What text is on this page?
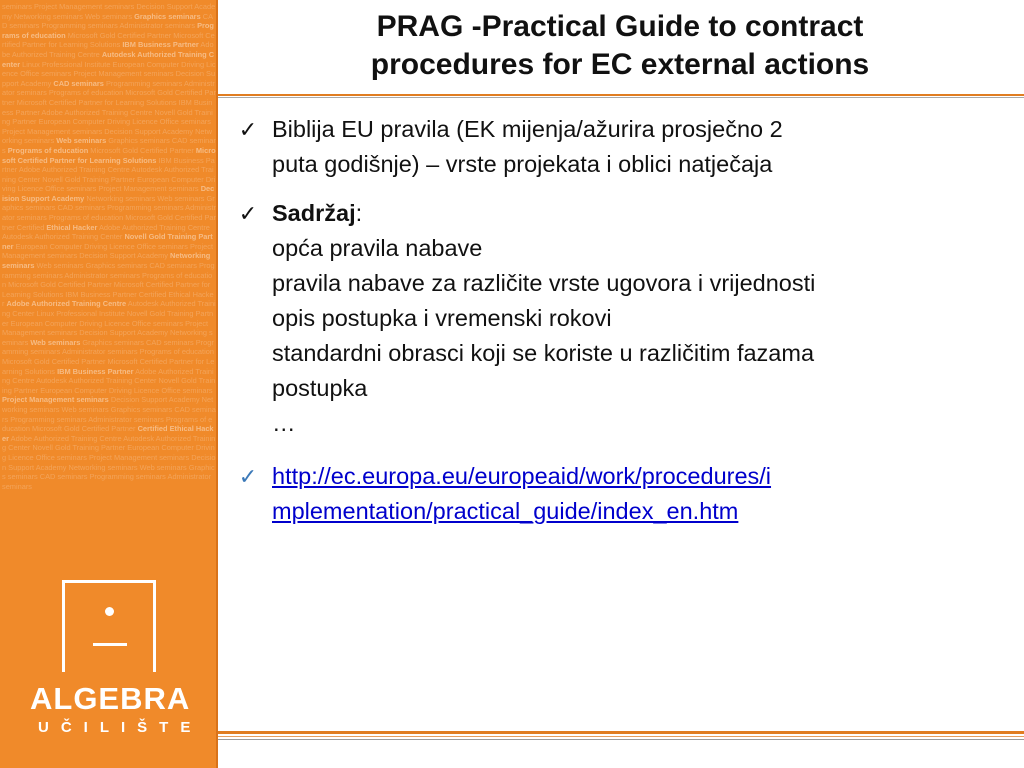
seminars Project Management seminars Decision Support Academy Networking seminars Web seminars Graphics seminars CAD seminars Programming seminars Administrator seminars Programs of education Microsoft Gold Certified Partner Microsoft Certified Partner for Learning Solutions IBM Business Partner Adobe Authorized Training Centre Autodesk Authorized Training Center Linux Professional Institute European Computer Driving Licence Office seminars Project Management seminars Decision Support Academy CAD seminars Programming seminars Administrator seminars Programs of education Microsoft Gold Certified Partner Microsoft Certified Partner for Learning Solutions IBM Business Partner Adobe Authorized Training Centre Novell Gold Training Partner European Computer Driving Licence Office seminars Project Management seminars Decision Support Academy Networking seminars Web seminars Graphics seminars CAD seminars Programs of education Microsoft Gold Certified Partner Microsoft Certified Partner for Learning Solutions IBM Business Partner Adobe Authorized Training Centre Autodesk Authorized Training Center Novell Gold Training Partner European Computer Driving Licence Office seminars Project Management seminars Decision Support Academy Networking seminars Web seminars Graphics seminars CAD seminars Programming seminars Administrator seminars Programs of education Microsoft Gold Certified Partner Certified Ethical Hacker Adobe Authorized Training Centre Autodesk Authorized Training Center Novell Gold Training Partner European Computer Driving Licence Office seminars Project Management seminars Decision Support Academy Networking seminars Web seminars Graphics seminars CAD seminars Programming seminars Administrator seminars Programs of education Microsoft Gold Certified Partner Microsoft Certified Partner for Learning Solutions IBM Business Partner Certified Ethical Hacker Adobe Authorized Training Centre Autodesk Authorized Training Center Linux Professional Institute Novell Gold Training Partner European Computer Driving Licence Office seminars Project Management seminars Decision Support Academy Networking seminars Web seminars Graphics seminars CAD seminars Programming seminars Administrator seminars Programs of education Microsoft Gold Certified Partner Microsoft Certified Partner for Learning Solutions IBM Business Partner Adobe Authorized Training Centre Autodesk Authorized Training Center Novell Gold Training Partner European Computer Driving Licence Office seminars Project Management seminars Decision Support Academy Networking seminars Web seminars Graphics seminars CAD seminars Programming seminars Administrator seminars Programs of education Microsoft Gold Certified Partner Certified Ethical Hacker Adobe Authorized Training Centre Autodesk Authorized Training Center Novell Gold Training Partner European Computer Driving Licence Office seminars Project Management seminars Decision Support Academy Networking seminars Web seminars Graphics seminars CAD seminars Programming seminars Administrator seminars
ALGEBRA
UČILIŠTE
PRAG -Practical Guide to contract
procedures for EC external actions
✓ Biblija EU pravila (EK mijenja/ažurira prosječno 2
puta godišnje) – vrste projekata i oblici natječaja
✓ Sadržaj:
opća pravila nabave
pravila nabave za različite vrste ugovora i vrijednosti
opis postupka i vremenski rokovi
standardni obrasci koji se koriste u različitim fazama
postupka
…
✓ http://ec.europa.eu/europeaid/work/procedures/i
mplementation/practical_guide/index_en.htm
